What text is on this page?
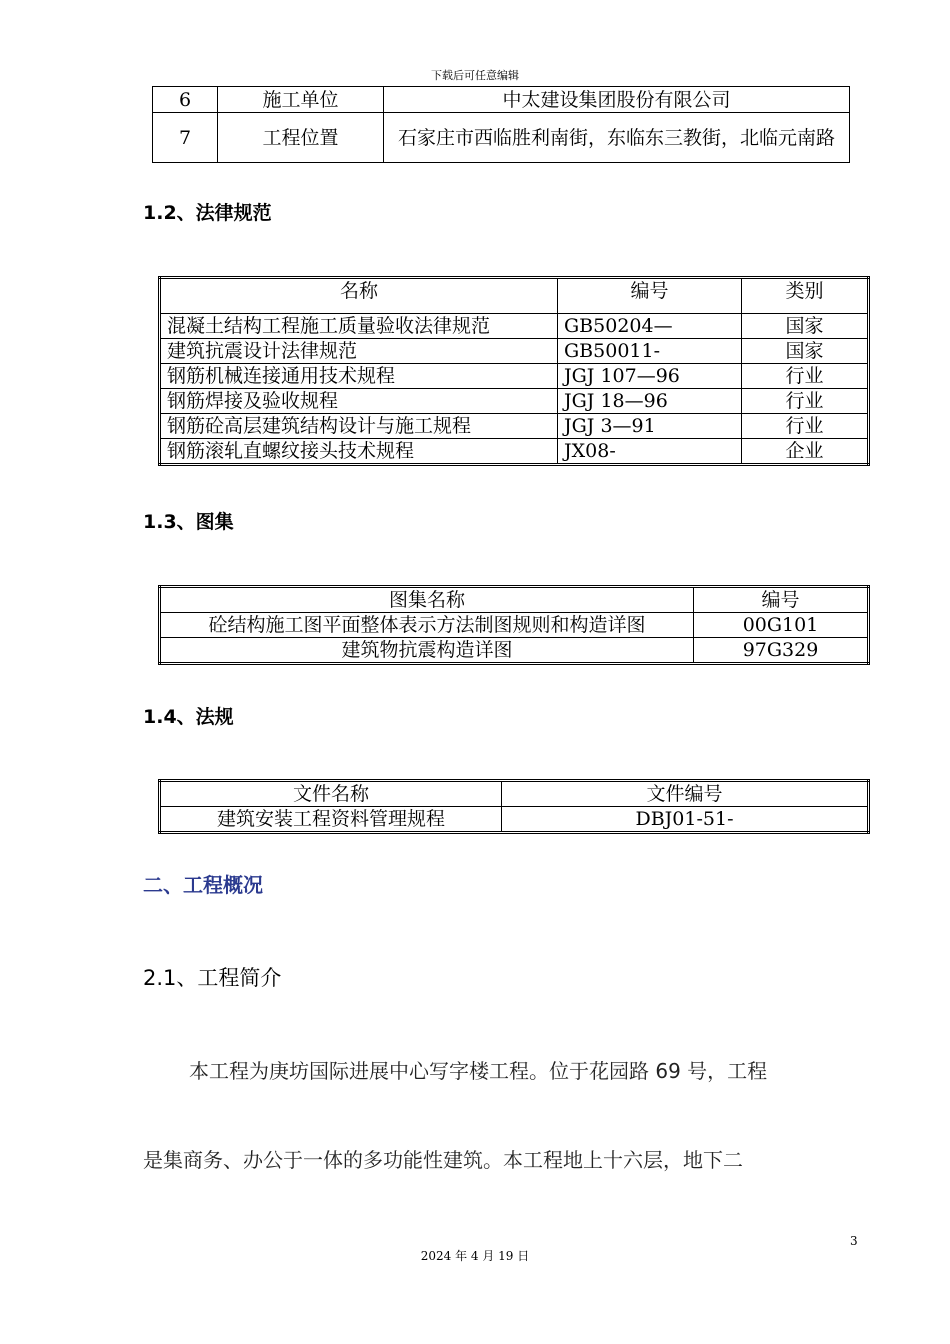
下载后可任意编辑
6	施工单位	中太建设集团股份有限公司
7	工程位置	石家庄市西临胜利南街，东临东三教街，北临元南路
1.2、法律规范
名称	编号	类别
混凝土结构工程施工质量验收法律规范	GB50204—	国家
建筑抗震设计法律规范	GB50011-	国家
钢筋机械连接通用技术规程	JGJ 107—96	行业
钢筋焊接及验收规程	JGJ 18—96	行业
钢筋砼高层建筑结构设计与施工规程	JGJ 3—91	行业
钢筋滚轧直螺纹接头技术规程	JX08-	企业
1.3、图集
图集名称	编号
砼结构施工图平面整体表示方法制图规则和构造详图	00G101
建筑物抗震构造详图	97G329
1.4、法规
文件名称	文件编号
建筑安装工程资料管理规程	DBJ01-51-
二、工程概况
2.1、工程简介
本工程为庚坊国际进展中心写字楼工程。位于花园路 69 号，工程
是集商务、办公于一体的多功能性建筑。本工程地上十六层，地下二
3
2024 年 4 月 19 日
